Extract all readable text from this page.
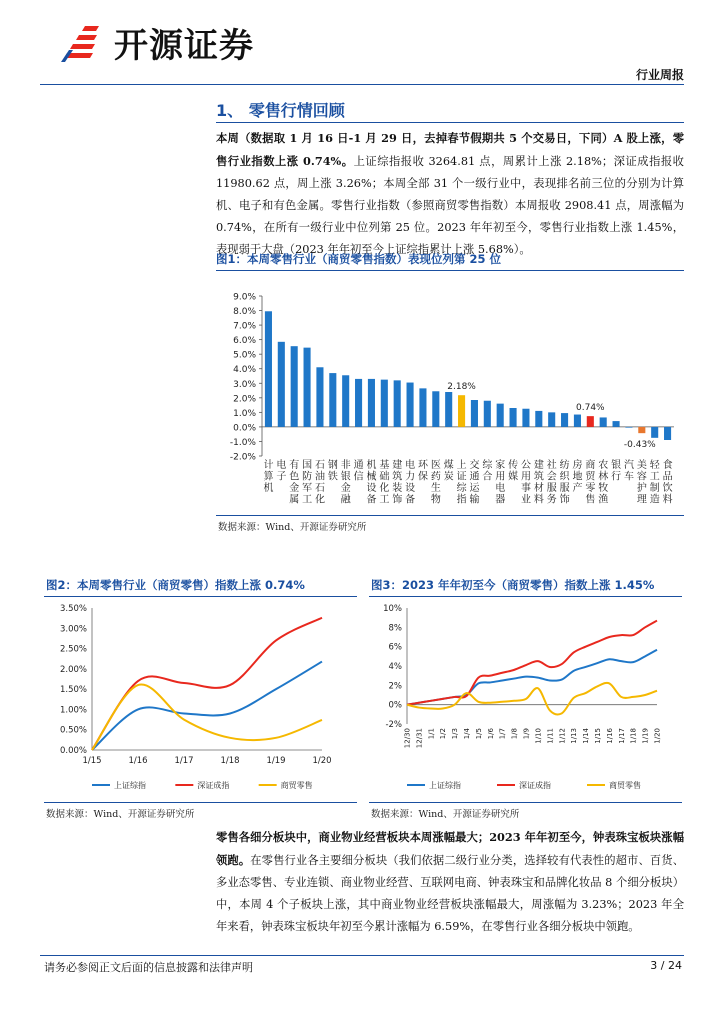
开源证券
行业周报
1、 零售行情回顾
本周（数据取 1 月 16 日-1 月 29 日，去掉春节假期共 5 个交易日，下同）A 股上涨，零售行业指数上涨 0.74%。上证综指报收 3264.81 点，周累计上涨 2.18%；深证成指报收 11980.62 点，周上涨 3.26%；本周全部 31 个一级行业中，表现排名前三位的分别为计算机、电子和有色金属。零售行业指数（参照商贸零售指数）本周报收 2908.41 点，周涨幅为 0.74%，在所有一级行业中位列第 25 位。2023 年年初至今，零售行业指数上涨 1.45%，表现弱于大盘（2023 年年初至今上证综指累计上涨 5.68%）。
图1：本周零售行业（商贸零售指数）表现位列第 25 位
9.0%
8.0%
7.0%
6.0%
5.0%
4.0%
3.0%
2.0%
1.0%
0.0%
-1.0%
-2.0%
计
算
机
电
子
有
色
金
属
国
防
军
工
石
油
石
化
钢
铁
非
银
金
融
通
信
机
械
设
备
基
础
化
工
建
筑
装
饰
电
力
设
备
环
保
医
药
生
物
煤
炭
上
证
综
指
2.18%
交
通
运
输
综
合
家
用
电
器
传
媒
公
用
事
业
建
筑
材
料
社
会
服
务
纺
织
服
饰
房
地
产
商
贸
零
售
0.74%
农
林
牧
渔
银
行
汽
车
美
容
护
理
-0.43%
轻
工
制
造
食
品
饮
料
数据来源：Wind、开源证券研究所
图2：本周零售行业（商贸零售）指数上涨 0.74%
3.50%
3.00%
2.50%
2.00%
1.50%
1.00%
0.50%
0.00%
1/15	1/16	1/17	1/18	1/19	1/20
上证综指	深证成指	商贸零售
数据来源：Wind、开源证券研究所
图3：2023 年年初至今（商贸零售）指数上涨 1.45%
10%
8%
6%
4%
2%
0%
-2%
12/30 12/31 1/1 1/2 1/3 1/4 1/5 1/6 1/7 1/8 1/9 1/10 1/11 1/12 1/13 1/14 1/15 1/16 1/17 1/18 1/19 1/20
上证综指	深证成指	商贸零售
数据来源：Wind、开源证券研究所
零售各细分板块中，商业物业经营板块本周涨幅最大；2023 年年初至今，钟表珠宝板块涨幅领跑。在零售行业各主要细分板块（我们依据二级行业分类，选择较有代表性的超市、百货、多业态零售、专业连锁、商业物业经营、互联网电商、钟表珠宝和品牌化妆品 8 个细分板块）中，本周 4 个子板块上涨，其中商业物业经营板块涨幅最大，周涨幅为 3.23%；2023 年全年来看，钟表珠宝板块年初至今累计涨幅为 6.59%，在零售行业各细分板块中领跑。
请务必参阅正文后面的信息披露和法律声明	3 / 24
